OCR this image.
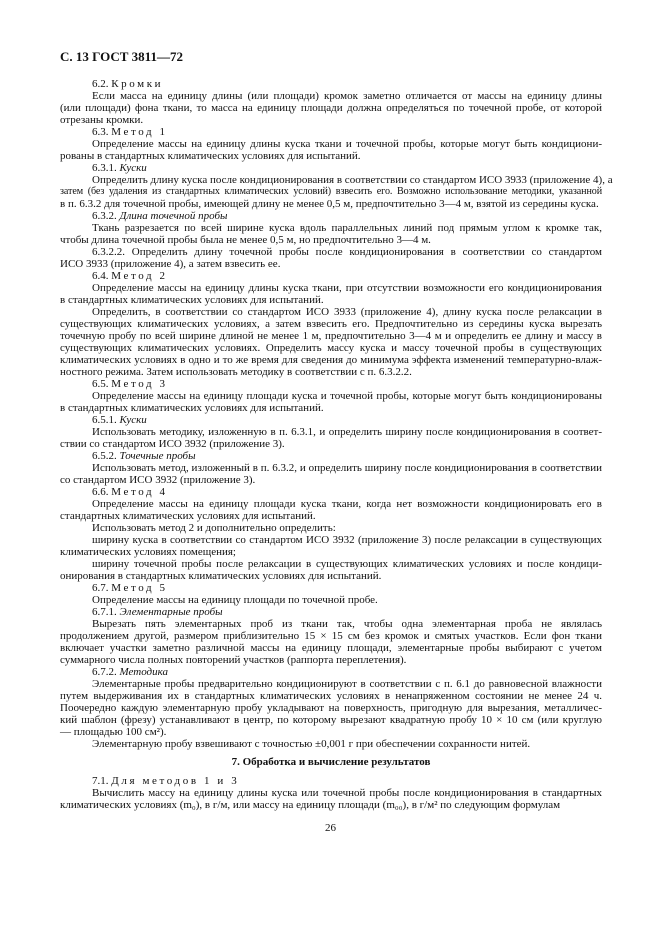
С. 13 ГОСТ 3811—72
6.2. Кромки
Если масса на единицу длины (или площади) кромок заметно отличается от массы на единицу длины
(или площади) фона ткани, то масса на единицу площади должна определяться по точечной пробе, от которой
отрезаны кромки.
6.3. Метод 1
Определение массы на единицу длины куска ткани и точечной пробы, которые могут быть кондициони-
рованы в стандартных климатических условиях для испытаний.
6.3.1. Куски
Определить длину куска после кондиционирования в соответствии со стандартом ИСО 3933 (приложение 4), а
затем (без удаления из стандартных климатических условий) взвесить его. Возможно использование методики, указанной
в п. 6.3.2 для точечной пробы, имеющей длину не менее 0,5 м, предпочтительно 3—4 м, взятой из середины куска.
6.3.2. Длина точечной пробы
Ткань разрезается по всей ширине куска вдоль параллельных линий под прямым углом к кромке так,
чтобы длина точечной пробы была не менее 0,5 м, но предпочтительно 3—4 м.
6.3.2.2. Определить длину точечной пробы после кондиционирования в соответствии со стандартом
ИСО 3933 (приложение 4), а затем взвесить ее.
6.4. Метод 2
Определение массы на единицу длины куска ткани, при отсутствии возможности его кондиционирования
в стандартных климатических условиях для испытаний.
Определить, в соответствии со стандартом ИСО 3933 (приложение 4), длину куска после релаксации в
существующих климатических условиях, а затем взвесить его. Предпочтительно из середины куска вырезать
точечную пробу по всей ширине длиной не менее 1 м, предпочтительно 3—4 м и определить ее длину и массу в
существующих климатических условиях. Определить массу куска и массу точечной пробы в существующих
климатических условиях в одно и то же время для сведения до минимума эффекта изменений температурно-влаж-
ностного режима. Затем использовать методику в соответствии с п. 6.3.2.2.
6.5. Метод 3
Определение массы на единицу площади куска и точечной пробы, которые могут быть кондиционированы
в стандартных климатических условиях для испытаний.
6.5.1. Куски
Использовать методику, изложенную в п. 6.3.1, и определить ширину после кондиционирования в соответ-
ствии со стандартом ИСО 3932 (приложение 3).
6.5.2. Точечные пробы
Использовать метод, изложенный в п. 6.3.2, и определить ширину после кондиционирования в соответствии
со стандартом ИСО 3932 (приложение 3).
6.6. Метод 4
Определение массы на единицу площади куска ткани, когда нет возможности кондиционировать его в
стандартных климатических условиях для испытаний.
Использовать метод 2 и дополнительно определить:
ширину куска в соответствии со стандартом ИСО 3932 (приложение 3) после релаксации в существующих
климатических условиях помещения;
ширину точечной пробы после релаксации в существующих климатических условиях и после кондици-
онирования в стандартных климатических условиях для испытаний.
6.7. Метод 5
Определение массы на единицу площади по точечной пробе.
6.7.1. Элементарные пробы
Вырезать пять элементарных проб из ткани так, чтобы одна элементарная проба не являлась
продолжением другой, размером приблизительно 15 × 15 см без кромок и смятых участков. Если фон ткани
включает участки заметно различной массы на единицу площади, элементарные пробы выбирают с учетом
суммарного числа полных повторений участков (раппорта переплетения).
6.7.2. Методика
Элементарные пробы предварительно кондиционируют в соответствии с п. 6.1 до равновесной влажности
путем выдерживания их в стандартных климатических условиях в ненапряженном состоянии не менее 24 ч.
Поочередно каждую элементарную пробу укладывают на поверхность, пригодную для вырезания, металличес-
кий шаблон (фрезу) устанавливают в центр, по которому вырезают квадратную пробу 10 × 10 см (или круглую
— площадью 100 см²).
Элементарную пробу взвешивают с точностью ±0,001 г при обеспечении сохранности нитей.
7. Обработка и вычисление результатов
7.1. Для методов 1 и 3
Вычислить массу на единицу длины куска или точечной пробы после кондиционирования в стандартных
климатических условиях (m₀), в г/м, или массу на единицу площади (m₀₀), в г/м² по следующим формулам
26
